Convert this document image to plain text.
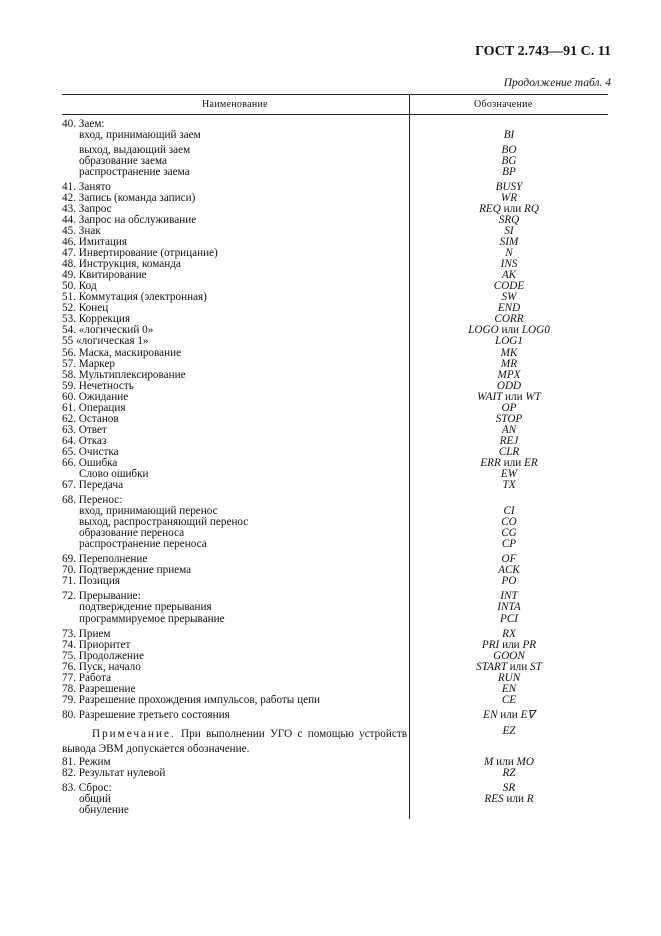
ГОСТ 2.743—91 С. 11
Продолжение табл. 4
Наименование	Обозначение
40. Заем:
вход, принимающий заем	BI
выход, выдающий заем	BO
образование заема	BG
распространение заема	BP
41. Занято	BUSY
42. Запись (команда записи)	WR
43. Запрос	REQ или RQ
44. Запрос на обслуживание	SRQ
45. Знак	SI
46. Имитация	SIM
47. Инвертирование (отрицание)	N
48. Инструкция, команда	INS
49. Квитирование	AK
50. Код	CODE
51. Коммутация (электронная)	SW
52. Конец	END
53. Коррекция	CORR
54. «логический 0»	LOGO или LOG0
55 «логическая 1»	LOG1
56. Маска, маскирование	MK
57. Маркер	MR
58. Мультиплексирование	MPX
59. Нечетность	ODD
60. Ожидание	WAIT или WT
61. Операция	OP
62. Останов	STOP
63. Ответ	AN
64. Отказ	REJ
65. Очистка	CLR
66. Ошибка	ERR или ER
Слово ошибки	EW
67. Передача	TX
68. Перенос:
вход, принимающий перенос	CI
выход, распространяющий перенос	CO
образование переноса	CG
распространение переноса	CP
69. Переполнение	OF
70. Подтверждение приема	ACK
71. Позиция	PO
72. Прерывание:	INT
подтверждение прерывания	INTA
программируемое прерывание	PCI
73. Прием	RX
74. Приоритет	PRI или PR
75. Продолжение	GOON
76. Пуск, начало	START или ST
77. Работа	RUN
78. Разрешение	EN
79. Разрешение прохождения импульсов, работы цепи	CE
80. Разрешение третьего состояния	EN или E∇
81. Режим	M или MO
82. Результат нулевой	RZ
83. Сброс:	SR
общий	RES или R
обнуление
Примечание. При выполнении УГО с помощью устройств вывода ЭВМ допускается обозначение.
EZ
